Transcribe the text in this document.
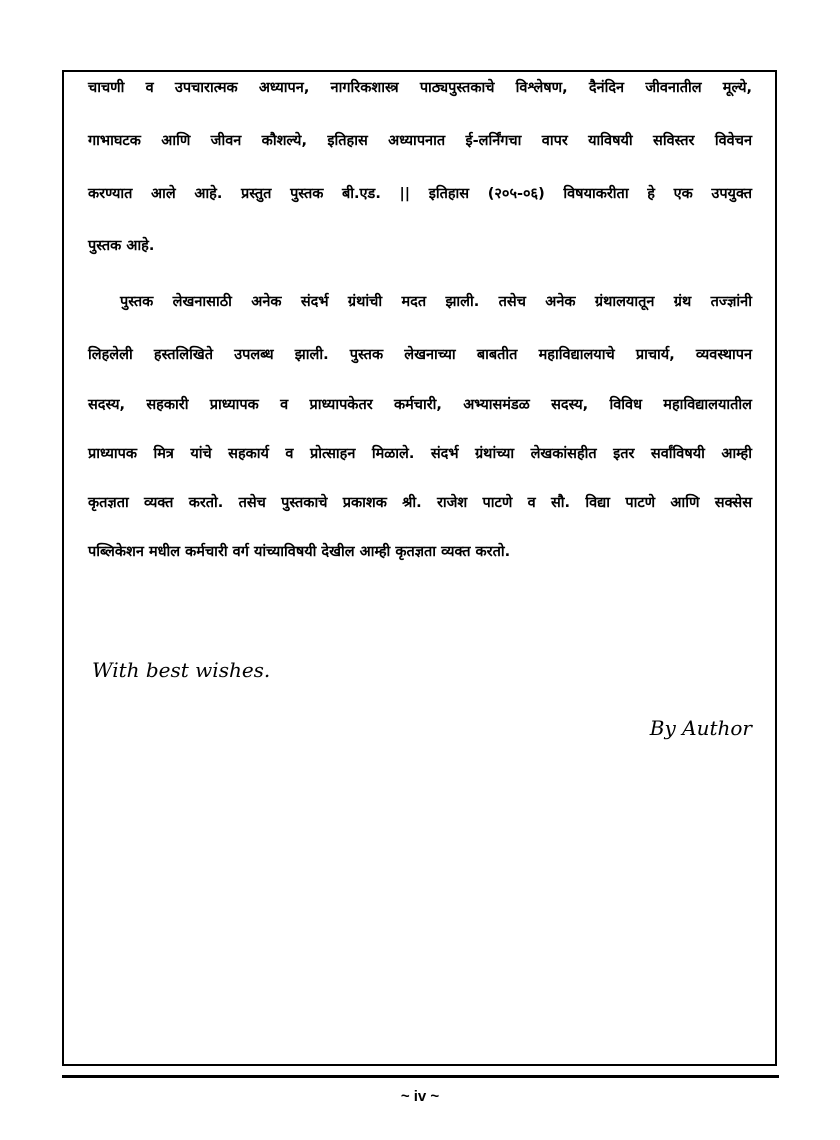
चाचणी व उपचारात्मक अध्यापन, नागरिकशास्त्र पाठ्यपुस्तकाचे विश्लेषण, दैनंदिन जीवनातील मूल्ये,
गाभाघटक आणि जीवन कौशल्ये, इतिहास अध्यापनात ई-लर्निंगचा वापर याविषयी सविस्तर विवेचन
करण्यात आले आहे. प्रस्तुत पुस्तक बी.एड. || इतिहास (२०५-०६) विषयाकरीता हे एक उपयुक्त
पुस्तक आहे.
पुस्तक लेखनासाठी अनेक संदर्भ ग्रंथांची मदत झाली. तसेच अनेक ग्रंथालयातून ग्रंथ तज्ज्ञांनी
लिहलेली हस्तलिखिते उपलब्ध झाली. पुस्तक लेखनाच्या बाबतीत महाविद्यालयाचे प्राचार्य, व्यवस्थापन
सदस्य, सहकारी प्राध्यापक व प्राध्यापकेतर कर्मचारी, अभ्यासमंडळ सदस्य, विविध महाविद्यालयातील
प्राध्यापक मित्र यांचे सहकार्य व प्रोत्साहन मिळाले. संदर्भ ग्रंथांच्या लेखकांसहीत इतर सर्वांविषयी आम्ही
कृतज्ञता व्यक्त करतो. तसेच पुस्तकाचे प्रकाशक श्री. राजेश पाटणे व सौ. विद्या पाटणे आणि सक्सेस
पब्लिकेशन मधील कर्मचारी वर्ग यांच्याविषयी देखील आम्ही कृतज्ञता व्यक्त करतो.
With best wishes.
By Author
~ iv ~
